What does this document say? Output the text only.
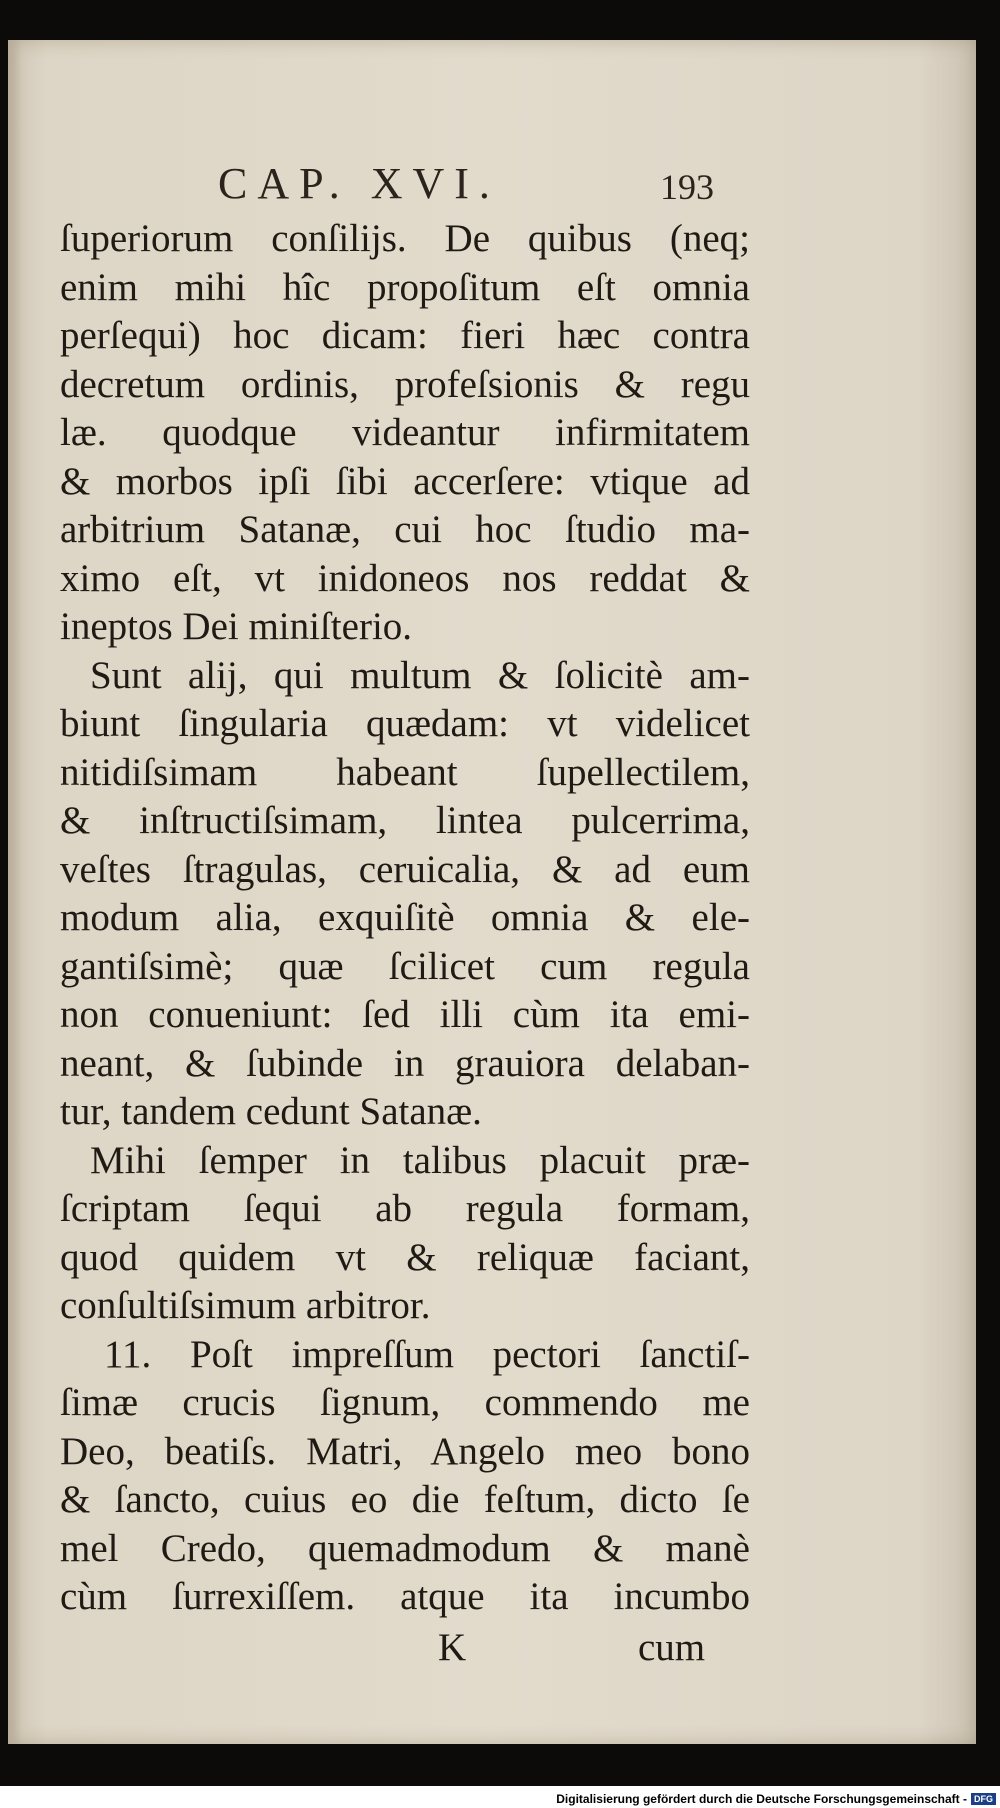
CAP. XVI.	193
ſuperiorum conſilijs. De quibus (neq;
enim mihi hîc propoſitum eſt omnia
perſequi) hoc dicam: fieri hæc contra
decretum ordinis, profeſsionis & regu
læ. quodque videantur infirmitatem
& morbos ipſi ſibi accerſere: vtique ad
arbitrium Satanæ, cui hoc ſtudio ma-
ximo eſt, vt inidoneos nos reddat &
ineptos Dei miniſterio.
Sunt alij, qui multum & ſolicitè am-
biunt ſingularia quædam: vt videlicet
nitidiſsimam habeant ſupellectilem,
& inſtructiſsimam, lintea pulcerrima,
veſtes ſtragulas, ceruicalia, & ad eum
modum alia, exquiſitè omnia & ele-
gantiſsimè; quæ ſcilicet cum regula
non conueniunt: ſed illi cùm ita emi-
neant, & ſubinde in grauiora delaban-
tur, tandem cedunt Satanæ.
Mihi ſemper in talibus placuit præ-
ſcriptam ſequi ab regula formam,
quod quidem vt & reliquæ faciant,
conſultiſsimum arbitror.
11. Poſt impreſſum pectori ſanctiſ-
ſimæ crucis ſignum, commendo me
Deo, beatiſs. Matri, Angelo meo bono
& ſancto, cuius eo die feſtum, dicto ſe
mel Credo, quemadmodum & manè
cùm ſurrexiſſem. atque ita incumbo
K	cum
Digitalisierung gefördert durch die Deutsche Forschungsgemeinschaft - DFG
